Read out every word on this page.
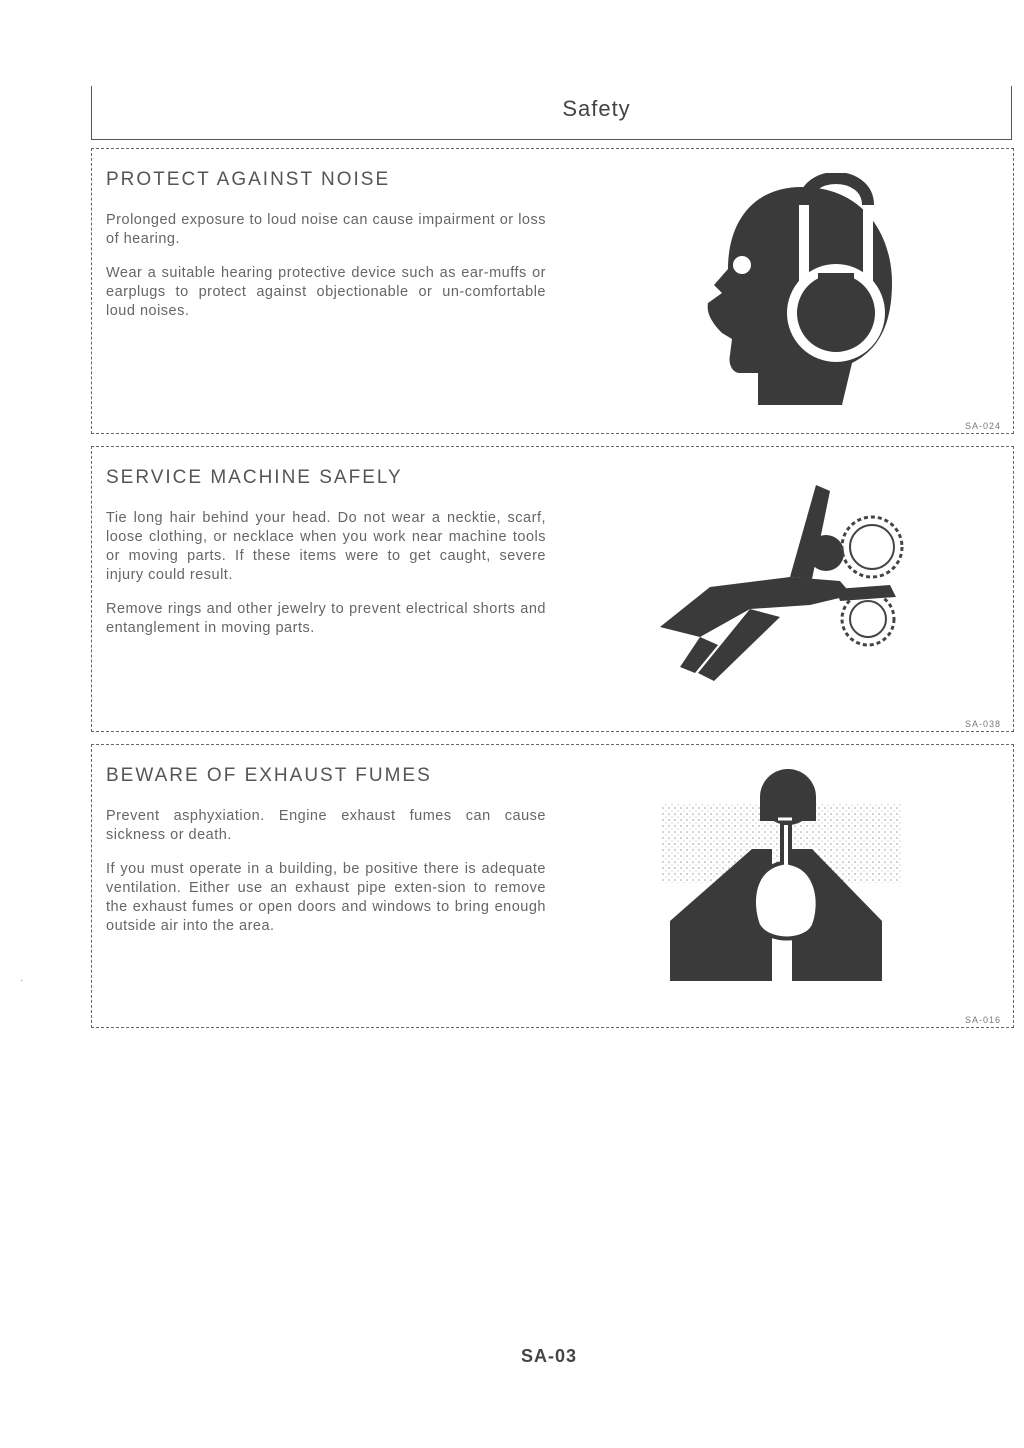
Safety
PROTECT AGAINST NOISE

Prolonged exposure to loud noise can cause impairment or loss of hearing.

Wear a suitable hearing protective device such as ear-muffs or earplugs to protect against objectionable or un-comfortable loud noises.

SA-024
SERVICE MACHINE SAFELY

Tie long hair behind your head. Do not wear a necktie, scarf, loose clothing, or necklace when you work near machine tools or moving parts. If these items were to get caught, severe injury could result.

Remove rings and other jewelry to prevent electrical shorts and entanglement in moving parts.

SA-038
BEWARE OF EXHAUST FUMES

Prevent asphyxiation. Engine exhaust fumes can cause sickness or death.

If you must operate in a building, be positive there is adequate ventilation. Either use an exhaust pipe exten-sion to remove the exhaust fumes or open doors and windows to bring enough outside air into the area.

SA-016
·
SA-03
